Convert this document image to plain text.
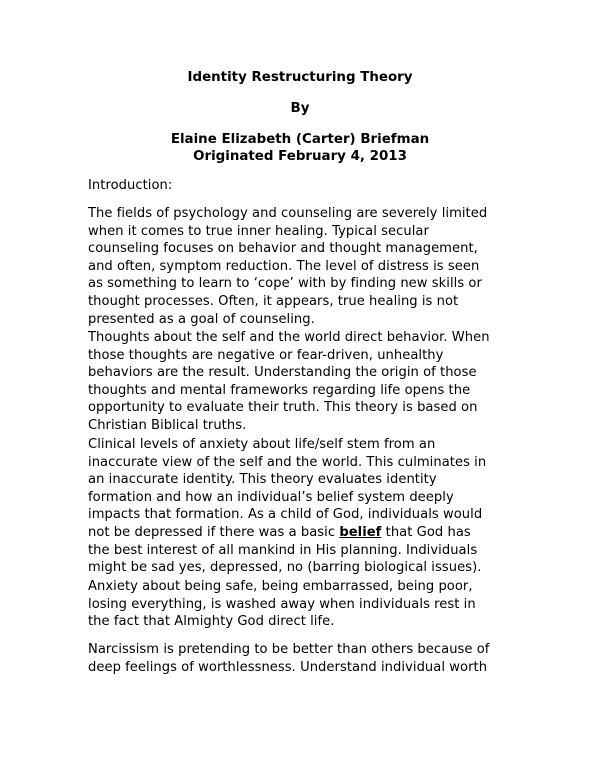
Identity Restructuring Theory
By
Elaine Elizabeth (Carter) Briefman
Originated February 4, 2013
Introduction:
The fields of psychology and counseling are severely limited
when it comes to true inner healing. Typical secular
counseling focuses on behavior and thought management,
and often, symptom reduction. The level of distress is seen
as something to learn to ‘cope’ with by finding new skills or
thought processes. Often, it appears, true healing is not
presented as a goal of counseling.
Thoughts about the self and the world direct behavior. When
those thoughts are negative or fear-driven, unhealthy
behaviors are the result. Understanding the origin of those
thoughts and mental frameworks regarding life opens the
opportunity to evaluate their truth. This theory is based on
Christian Biblical truths.
Clinical levels of anxiety about life/self stem from an
inaccurate view of the self and the world. This culminates in
an inaccurate identity. This theory evaluates identity
formation and how an individual’s belief system deeply
impacts that formation. As a child of God, individuals would
not be depressed if there was a basic belief that God has
the best interest of all mankind in His planning. Individuals
might be sad yes, depressed, no (barring biological issues).
Anxiety about being safe, being embarrassed, being poor,
losing everything, is washed away when individuals rest in
the fact that Almighty God direct life.
Narcissism is pretending to be better than others because of
deep feelings of worthlessness. Understand individual worth
